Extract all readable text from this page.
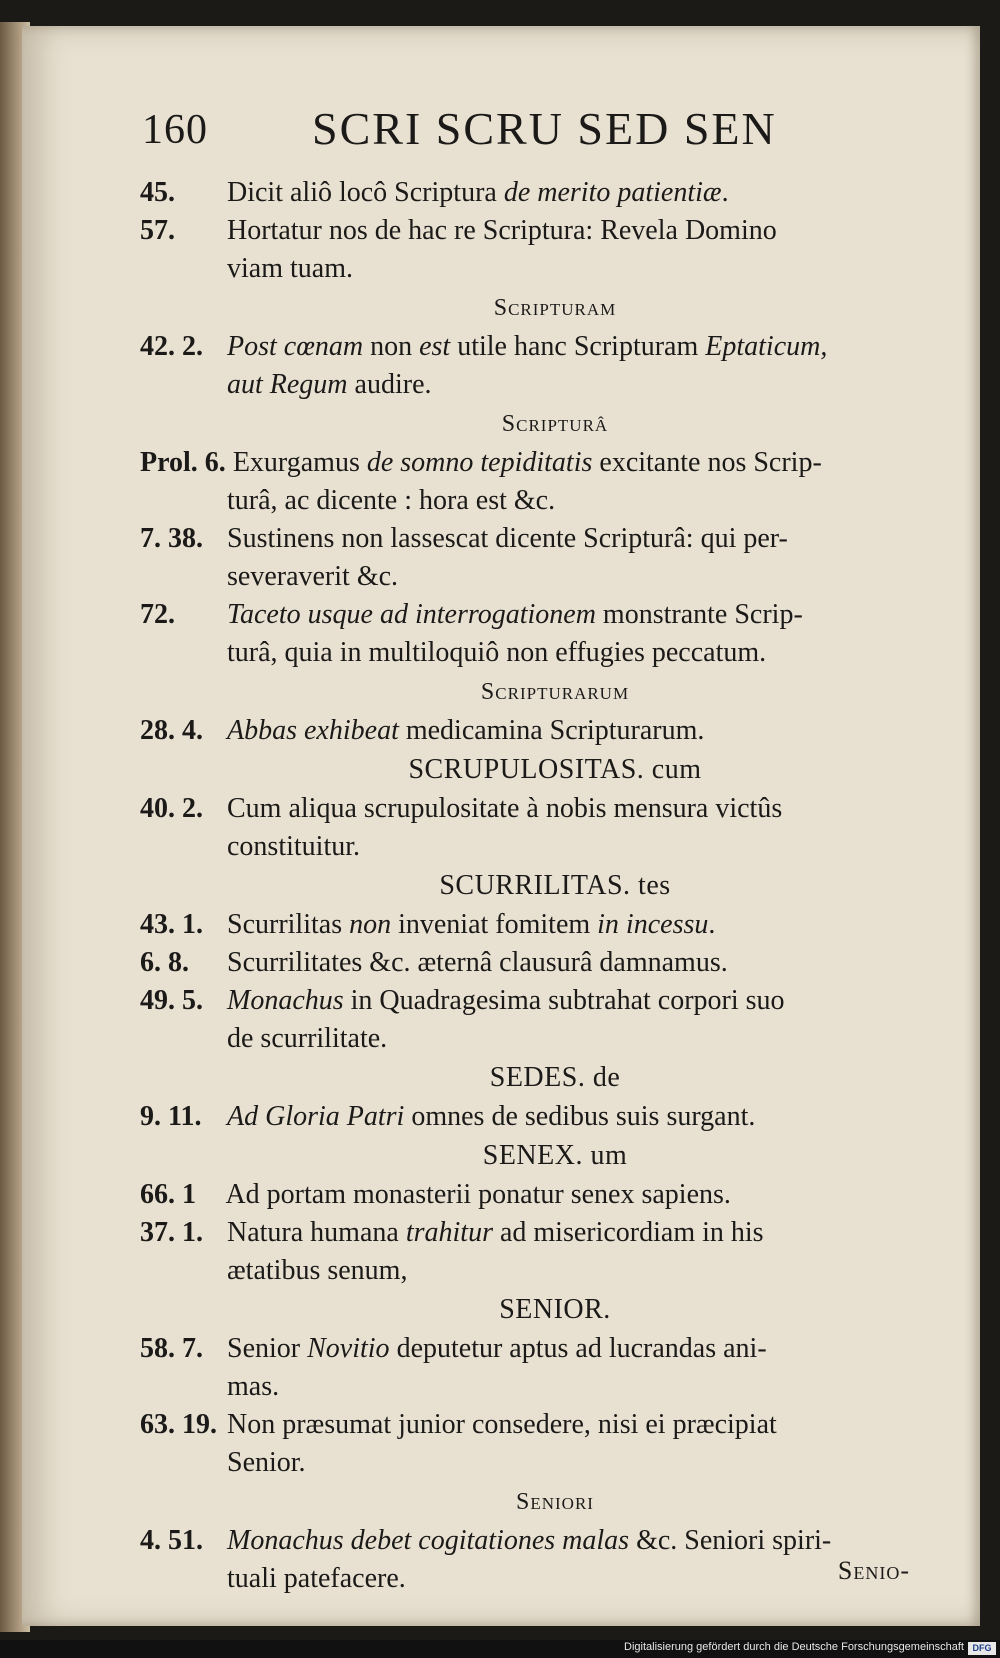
160 SCRI SCRU SED SEN
45. Dicit aliô locô Scriptura de merito patientiæ.
57. Hortatur nos de hac re Scriptura: Revela Domino
viam tuam.
Scripturam
42. 2. Post cœnam non est utile hanc Scripturam Eptaticum,
aut Regum audire.
Scripturâ
Prol. 6. Exurgamus de somno tepiditatis excitante nos Scrip-
turâ, ac dicente : hora est &c.
7. 38. Sustinens non lassescat dicente Scripturâ: qui per-
severaverit &c.
72. Taceto usque ad interrogationem monstrante Scrip-
turâ, quia in multiloquiô non effugies peccatum.
Scripturarum
28. 4. Abbas exhibeat medicamina Scripturarum.
SCRUPULOSITAS. cum
40. 2. Cum aliqua scrupulositate à nobis mensura victûs
constituitur.
SCURRILITAS. tes
43. 1. Scurrilitas non inveniat fomitem in incessu.
6. 8. Scurrilitates &c. æternâ clausurâ damnamus.
49. 5. Monachus in Quadragesima subtrahat corpori suo
de scurrilitate.
SEDES. de
9. 11. Ad Gloria Patri omnes de sedibus suis surgant.
SENEX. um
66. 1 Ad portam monasterii ponatur senex sapiens.
37. 1. Natura humana trahitur ad misericordiam in his
ætatibus senum,
SENIOR.
58. 7. Senior Novitio deputetur aptus ad lucrandas ani-
mas.
63. 19. Non præsumat junior consedere, nisi ei præcipiat
Senior.
Seniori
4. 51. Monachus debet cogitationes malas &c. Seniori spiri-
tuali patefacere.	Senio-
Digitalisierung gefördert durch die Deutsche Forschungsgemeinschaft DFG
